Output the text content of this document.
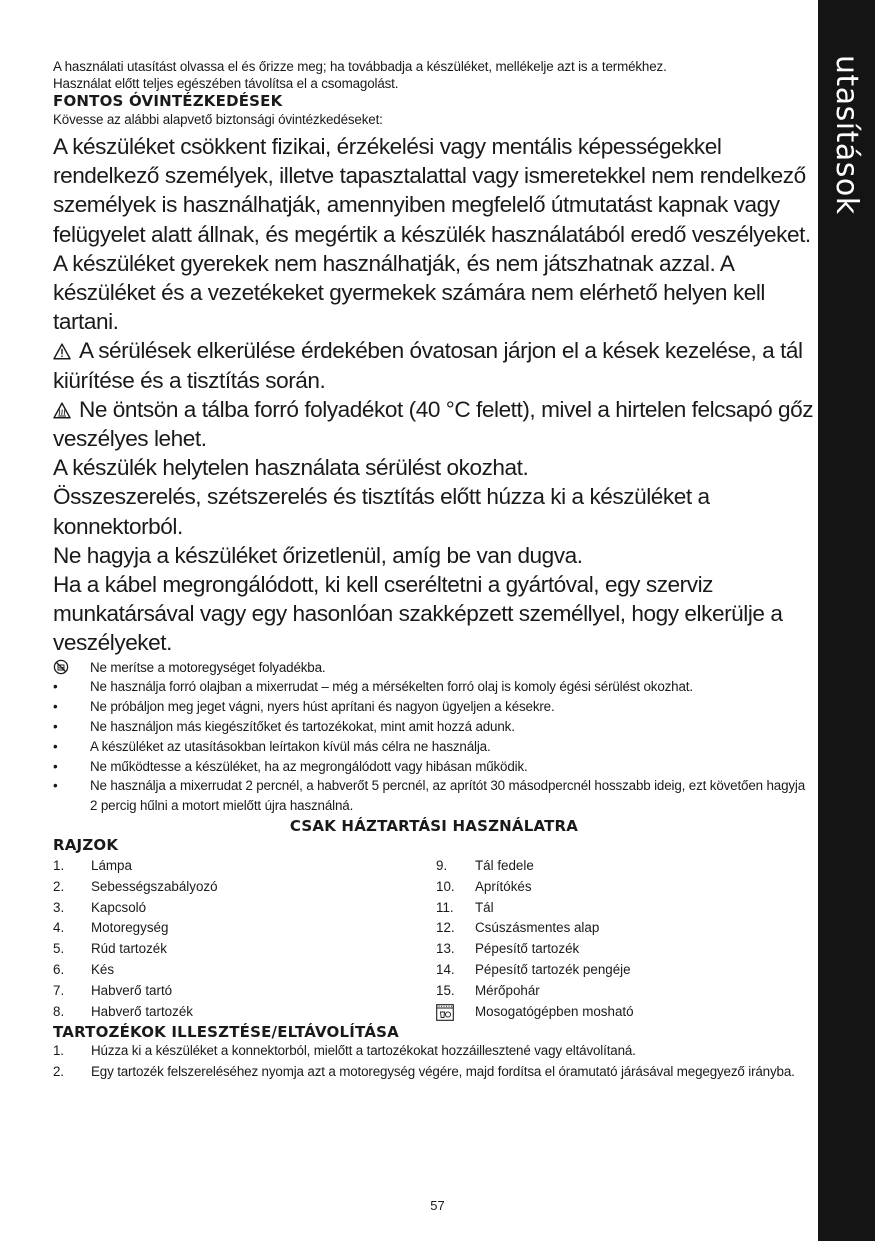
utasítások

A használati utasítást olvassa el és őrizze meg; ha továbbadja a készüléket, mellékelje azt is a termékhez.

Használat előtt teljes egészében távolítsa el a csomagolást.

FONTOS ÓVINTÉZKEDÉSEK

Kövesse az alábbi alapvető biztonsági óvintézkedéseket:

A készüléket csökkent fizikai, érzékelési vagy mentális képességekkel rendelkező személyek, illetve tapasztalattal vagy ismeretekkel nem rendelkező személyek is használhatják, amennyiben megfelelő útmutatást kapnak vagy felügyelet alatt állnak, és megértik a készülék használatából eredő veszélyeket. A készüléket gyerekek nem használhatják, és nem játszhatnak azzal. A készüléket és a vezetékeket gyermekek számára nem elérhető helyen kell tartani.

A sérülések elkerülése érdekében óvatosan járjon el a kések kezelése, a tál kiürítése és a tisztítás során.

Ne öntsön a tálba forró folyadékot (40 °C felett), mivel a hirtelen felcsapó gőz veszélyes lehet.

A készülék helytelen használata sérülést okozhat.

Összeszerelés, szétszerelés és tisztítás előtt húzza ki a készüléket a konnektorból.

Ne hagyja a készüléket őrizetlenül, amíg be van dugva.

Ha a kábel megrongálódott, ki kell cseréltetni a gyártóval, egy szerviz munkatársával vagy egy hasonlóan szakképzett személlyel, hogy elkerülje a veszélyeket.

Ne merítse a motoregységet folyadékba.
•	Ne használja forró olajban a mixerrudat – még a mérsékelten forró olaj is komoly égési sérülést okozhat.
•	Ne próbáljon meg jeget vágni, nyers húst aprítani és nagyon ügyeljen a késekre.
•	Ne használjon más kiegészítőket és tartozékokat, mint amit hozzá adunk.
•	A készüléket az utasításokban leírtakon kívül más célra ne használja.
•	Ne működtesse a készüléket, ha az megrongálódott vagy hibásan működik.
•	Ne használja a mixerrudat 2 percnél, a habverőt 5 percnél, az aprítót 30 másodpercnél hosszabb ideig, ezt követően hagyja 2 percig hűlni a motort mielőtt újra használná.
CSAK HÁZTARTÁSI HASZNÁLATRA
RAJZOK
1. Lámpa
2. Sebességszabályozó
3. Kapcsoló
4. Motoregység
5. Rúd tartozék
6. Kés
7. Habverő tartó
8. Habverő tartozék
9. Tál fedele
10. Aprítókés
11. Tál
12. Csúszásmentes alap
13. Pépesítő tartozék
14. Pépesítő tartozék pengéje
15. Mérőpohár
Mosogatógépben mosható
TARTOZÉKOK ILLESZTÉSE/ELTÁVOLÍTÁSA
1. Húzza ki a készüléket a konnektorból, mielőtt a tartozékokat hozzáillesztené vagy eltávolítaná.
2. Egy tartozék felszereléséhez nyomja azt a motoregység végére, majd fordítsa el óramutató járásával megegyező irányba.
57
